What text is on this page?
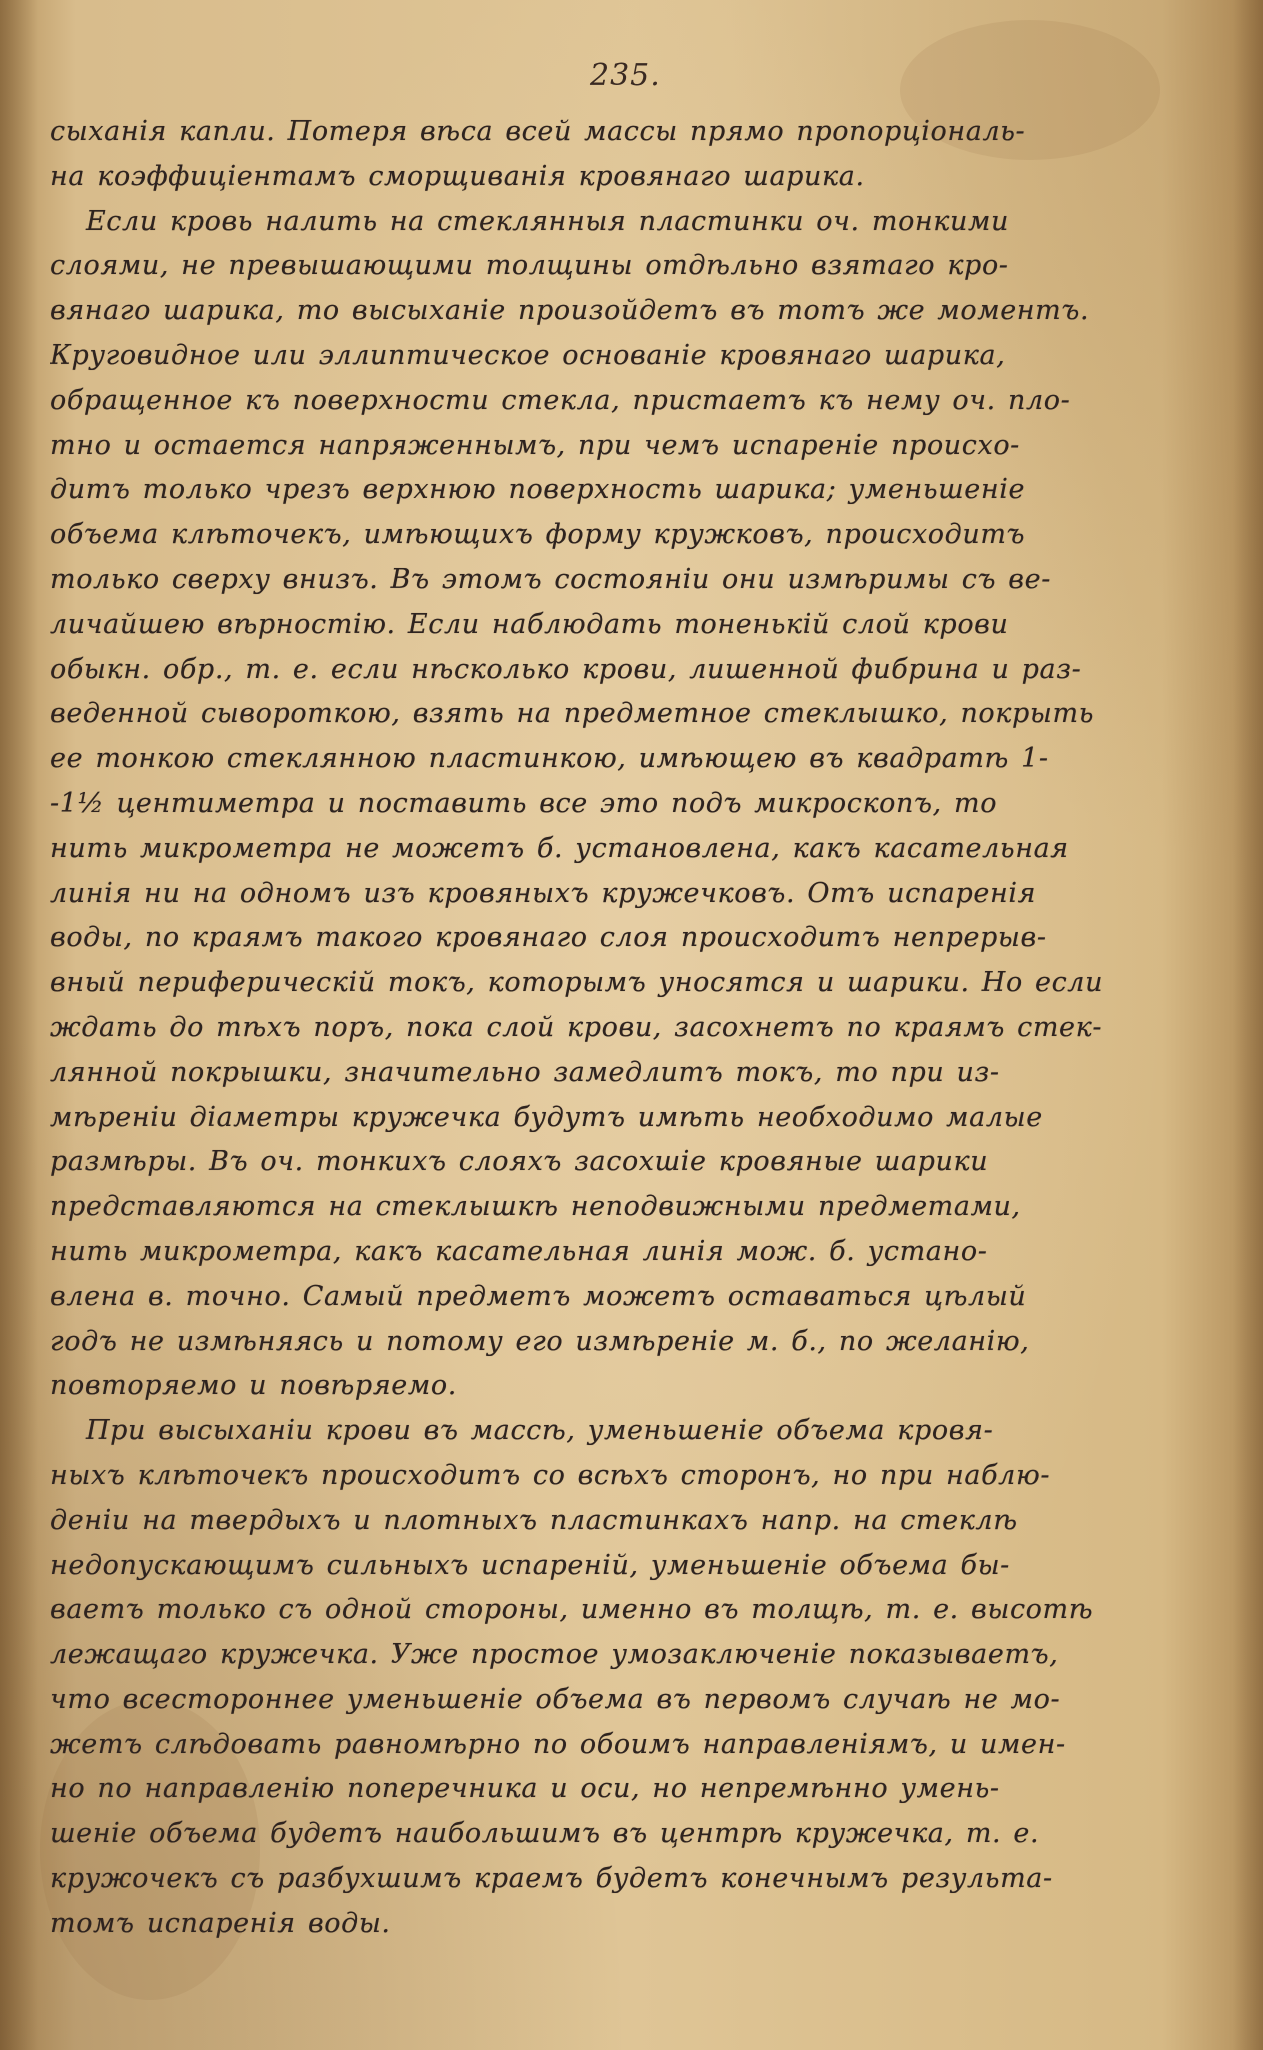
235.
сыханія капли. Потеря вѣса всей массы прямо пропорціональ-
на коэффиціентамъ сморщиванія кровянаго шарика.
Если кровь налить на стеклянныя пластинки оч. тонкими
слоями, не превышающими толщины отдѣльно взятаго кро-
вянаго шарика, то высыханіе произойдетъ въ тотъ же моментъ.
Круговидное или эллиптическое основаніе кровянаго шарика,
обращенное къ поверхности стекла, пристаетъ къ нему оч. пло-
тно и остается напряженнымъ, при чемъ испареніе происхо-
дитъ только чрезъ верхнюю поверхность шарика; уменьшеніе
объема клѣточекъ, имѣющихъ форму кружковъ, происходитъ
только сверху внизъ. Въ этомъ состояніи они измѣримы съ ве-
личайшею вѣрностію. Если наблюдать тоненькій слой крови
обыкн. обр., т. е. если нѣсколько крови, лишенной фибрина и раз-
веденной сывороткою, взять на предметное стеклышко, покрыть
ее тонкою стеклянною пластинкою, имѣющею въ квадратѣ 1-
-1½ центиметра и поставить все это подъ микроскопъ, то
нить микрометра не можетъ б. установлена, какъ касательная
линія ни на одномъ изъ кровяныхъ кружечковъ. Отъ испаренія
воды, по краямъ такого кровянаго слоя происходитъ непрерыв-
вный периферическій токъ, которымъ уносятся и шарики. Но если
ждать до тѣхъ поръ, пока слой крови, засохнетъ по краямъ стек-
лянной покрышки, значительно замедлитъ токъ, то при из-
мѣреніи діаметры кружечка будутъ имѣть необходимо малые
размѣры. Въ оч. тонкихъ слояхъ засохшіе кровяные шарики
представляются на стеклышкѣ неподвижными предметами,
нить микрометра, какъ касательная линія мож. б. устано-
влена в. точно. Самый предметъ можетъ оставаться цѣлый
годъ не измѣняясь и потому его измѣреніе м. б., по желанію,
повторяемо и повѣряемо.
При высыханіи крови въ массѣ, уменьшеніе объема кровя-
ныхъ клѣточекъ происходитъ со всѣхъ сторонъ, но при наблю-
деніи на твердыхъ и плотныхъ пластинкахъ напр. на стеклѣ
недопускающимъ сильныхъ испареній, уменьшеніе объема бы-
ваетъ только съ одной стороны, именно въ толщѣ, т. е. высотѣ
лежащаго кружечка. Уже простое умозаключеніе показываетъ,
что всестороннее уменьшеніе объема въ первомъ случаѣ не мо-
жетъ слѣдовать равномѣрно по обоимъ направленіямъ, и имен-
но по направленію поперечника и оси, но непремѣнно умень-
шеніе объема будетъ наибольшимъ въ центрѣ кружечка, т. е.
кружочекъ съ разбухшимъ краемъ будетъ конечнымъ результа-
томъ испаренія воды.
